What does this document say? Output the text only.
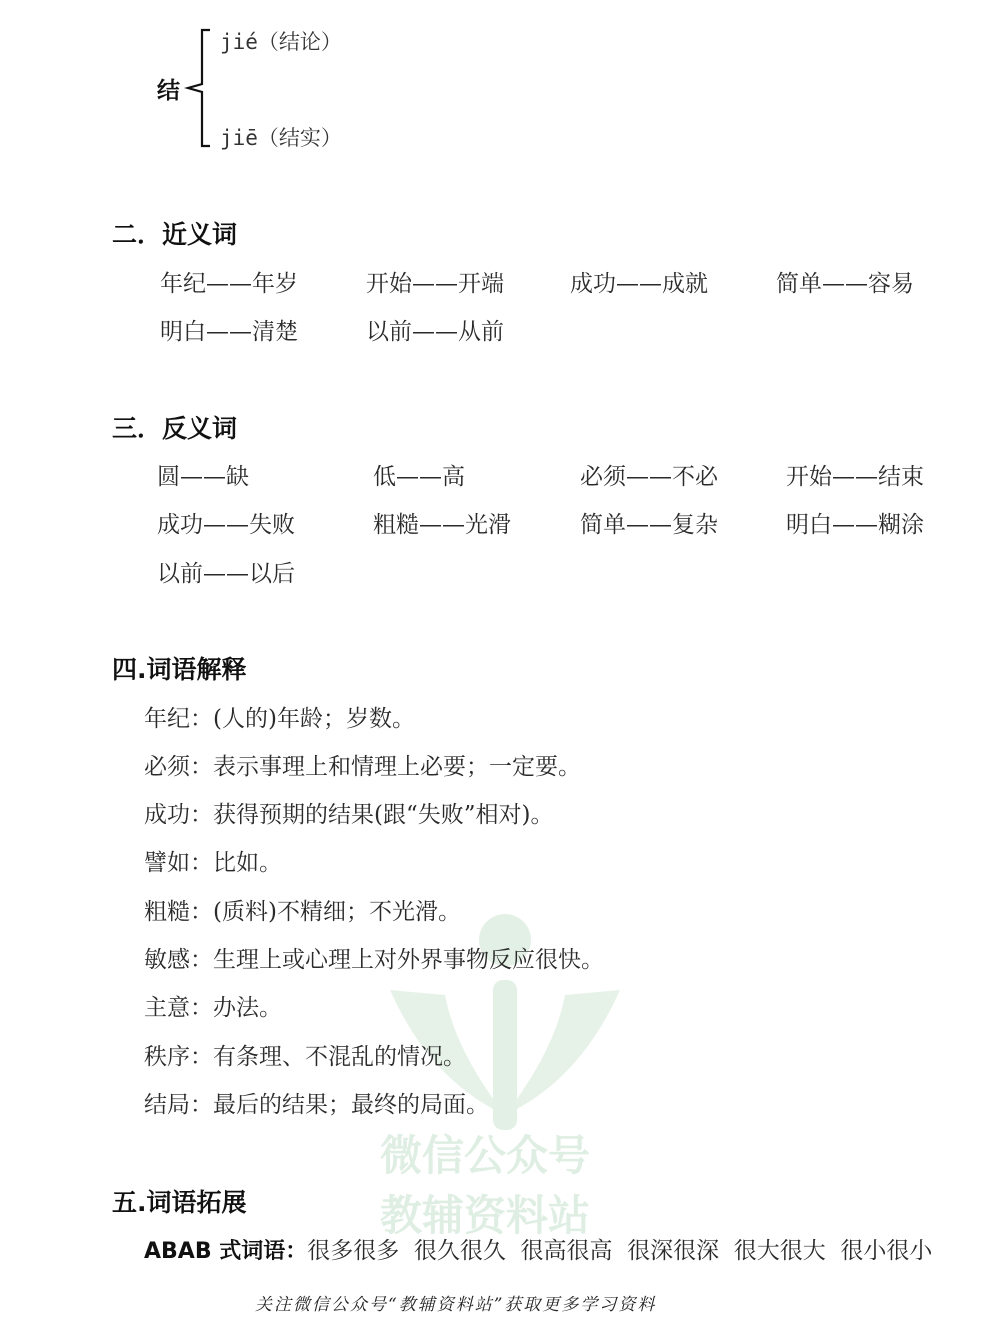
微信公众号
教辅资料站
结
jié（结论）
jiē（结实）
二．近义词
年纪——年岁	开始——开端	成功——成就	简单——容易
明白——清楚	以前——从前
三．反义词
圆——缺	低——高	必须——不必	开始——结束
成功——失败	粗糙——光滑	简单——复杂	明白——糊涂
以前——以后
四.词语解释
年纪：(人的)年龄；岁数。
必须：表示事理上和情理上必要；一定要。
成功：获得预期的结果(跟“失败”相对)。
譬如：比如。
粗糙：(质料)不精细；不光滑。
敏感：生理上或心理上对外界事物反应很快。
主意：办法。
秩序：有条理、不混乱的情况。
结局：最后的结果；最终的局面。
五.词语拓展
ABAB 式词语：很多很多  很久很久  很高很高  很深很深  很大很大  很小很小
关注微信公众号“教辅资料站”获取更多学习资料
